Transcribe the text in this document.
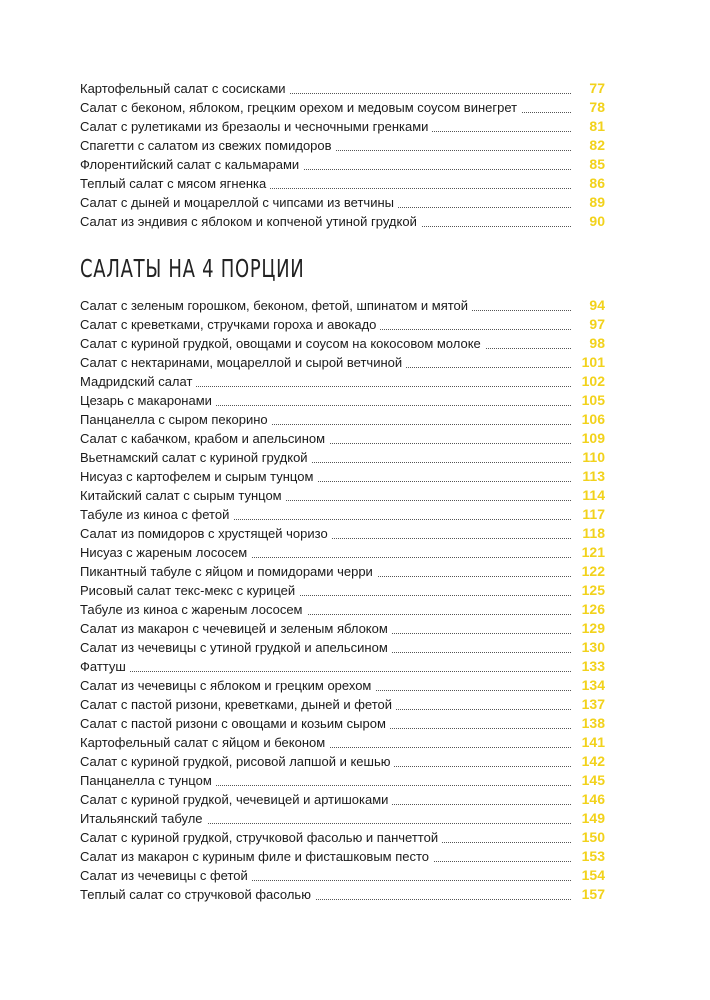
Картофельный салат с сосисками	77
Салат с беконом, яблоком, грецким орехом и медовым соусом винегрет	78
Салат с рулетиками из брезаолы и чесночными гренками	81
Спагетти с салатом из свежих помидоров	82
Флорентийский салат с кальмарами	85
Теплый салат с мясом ягненка	86
Салат с дыней и моцареллой с чипсами из ветчины	89
Салат из эндивия с яблоком и копченой утиной грудкой	90
САЛАТЫ НА 4 ПОРЦИИ
Салат с зеленым горошком, беконом, фетой, шпинатом и мятой	94
Салат с креветками, стручками гороха и авокадо	97
Салат с куриной грудкой, овощами и соусом на кокосовом молоке	98
Салат с нектаринами, моцареллой и сырой ветчиной	101
Мадридский салат	102
Цезарь с макаронами	105
Панцанелла с сыром пекорино	106
Салат с кабачком, крабом и апельсином	109
Вьетнамский салат с куриной грудкой	110
Нисуаз с картофелем и сырым тунцом	113
Китайский салат с сырым тунцом	114
Табуле из киноа с фетой	117
Салат из помидоров с хрустящей чоризо	118
Нисуаз с жареным лососем	121
Пикантный табуле с яйцом и помидорами черри	122
Рисовый салат текс-мекс с курицей	125
Табуле из киноа с жареным лососем	126
Салат из макарон с чечевицей и зеленым яблоком	129
Салат из чечевицы с утиной грудкой и апельсином	130
Фаттуш	133
Салат из чечевицы с яблоком и грецким орехом	134
Салат с пастой ризони, креветками, дыней и фетой	137
Салат с пастой ризони с овощами и козьим сыром	138
Картофельный салат с яйцом и беконом	141
Салат с куриной грудкой, рисовой лапшой и кешью	142
Панцанелла с тунцом	145
Салат с куриной грудкой, чечевицей и артишоками	146
Итальянский табуле	149
Салат с куриной грудкой, стручковой фасолью и панчеттой	150
Салат из макарон с куриным филе и фисташковым песто	153
Салат из чечевицы с фетой	154
Теплый салат со стручковой фасолью	157
